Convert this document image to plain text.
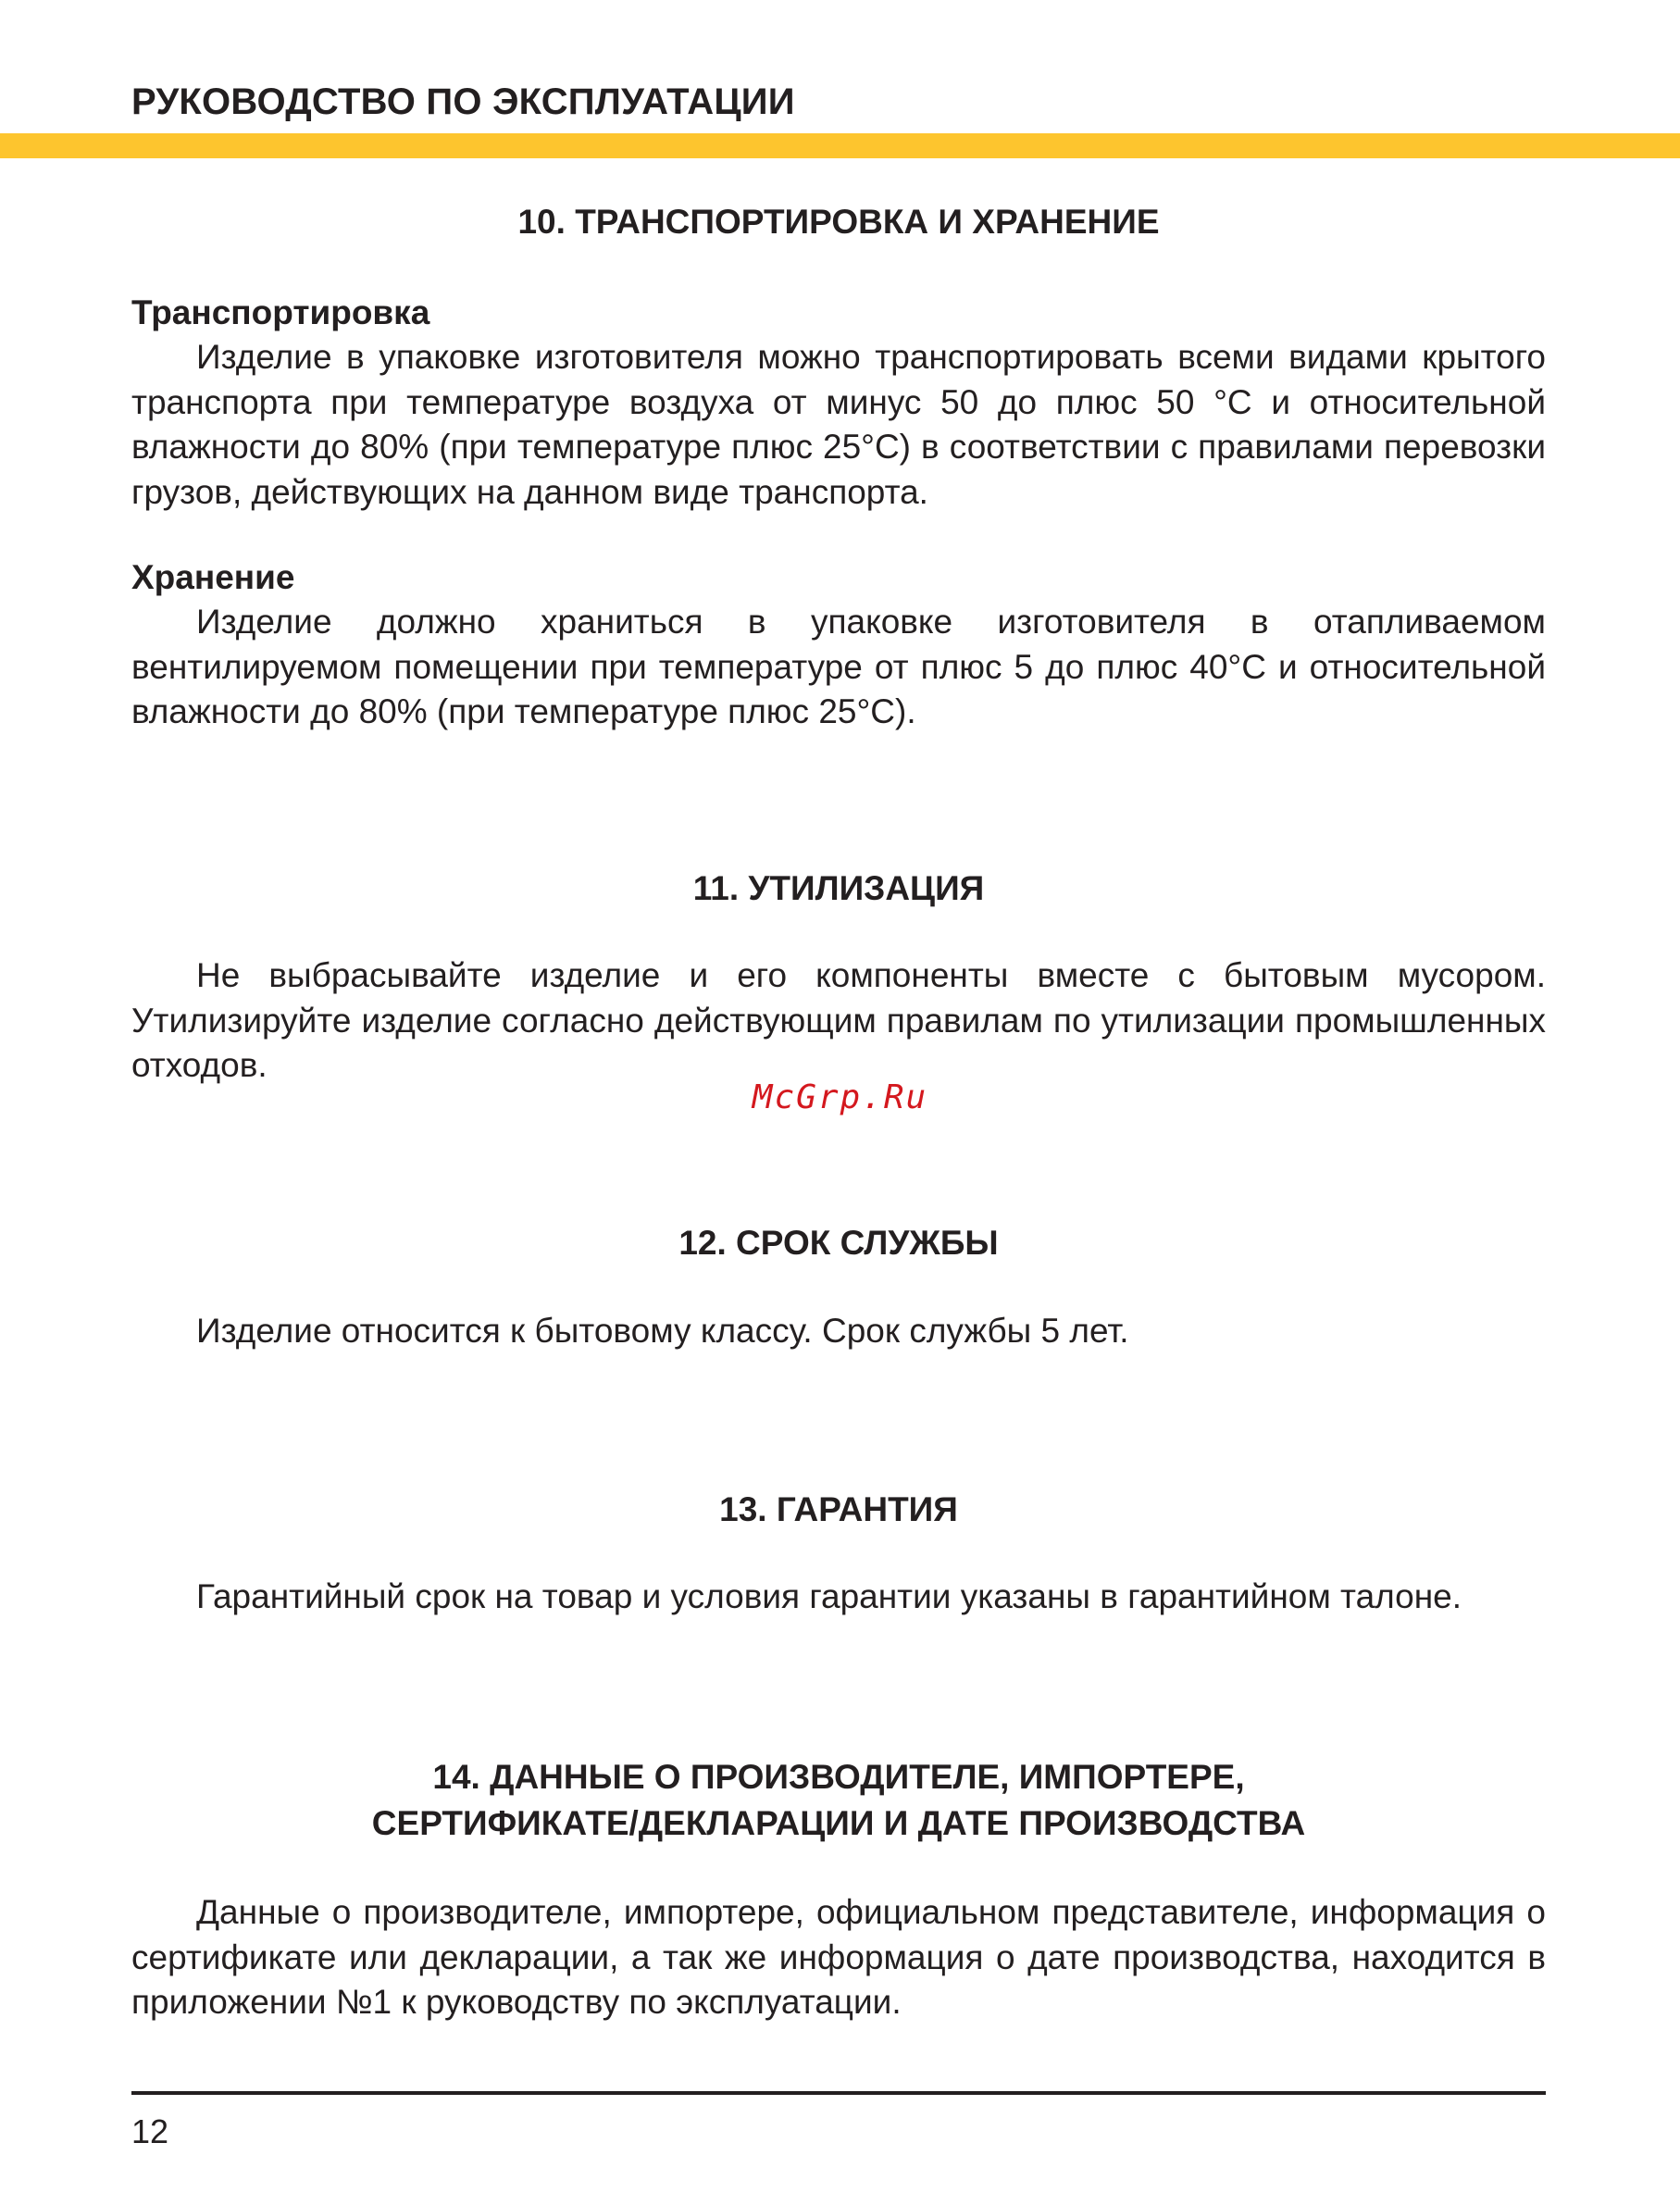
РУКОВОДСТВО ПО ЭКСПЛУАТАЦИИ
10. ТРАНСПОРТИРОВКА И ХРАНЕНИЕ
Транспортировка

Изделие в упаковке изготовителя можно транспортировать всеми видами крытого транспорта при температуре воздуха от минус 50 до плюс 50 °С и относительной влажности до 80% (при температуре плюс 25°С) в соответствии с правилами перевозки грузов, действующих на данном виде транспорта.

Хранение

Изделие должно храниться в упаковке изготовителя в отапливаемом вентилируемом помещении при температуре от плюс 5 до плюс 40°С и относительной влажности до 80% (при температуре плюс 25°С).

11. УТИЛИЗАЦИЯ

Не выбрасывайте изделие и его компоненты вместе с бытовым мусором. Утилизируйте изделие согласно действующим правилам по утилизации промышленных отходов.

12. СРОК СЛУЖБЫ

Изделие относится к бытовому классу. Срок службы 5 лет.

13. ГАРАНТИЯ

Гарантийный срок на товар и условия гарантии указаны в гарантийном талоне.

14. ДАННЫЕ О ПРОИЗВОДИТЕЛЕ, ИМПОРТЕРЕ,
СЕРТИФИКАТЕ/ДЕКЛАРАЦИИ И ДАТЕ ПРОИЗВОДСТВА

Данные о производителе, импортере, официальном представителе, информация о сертификате или декларации, а так же информация о дате производства, находится в приложении №1 к руководству по эксплуатации.

McGrp.Ru

12
